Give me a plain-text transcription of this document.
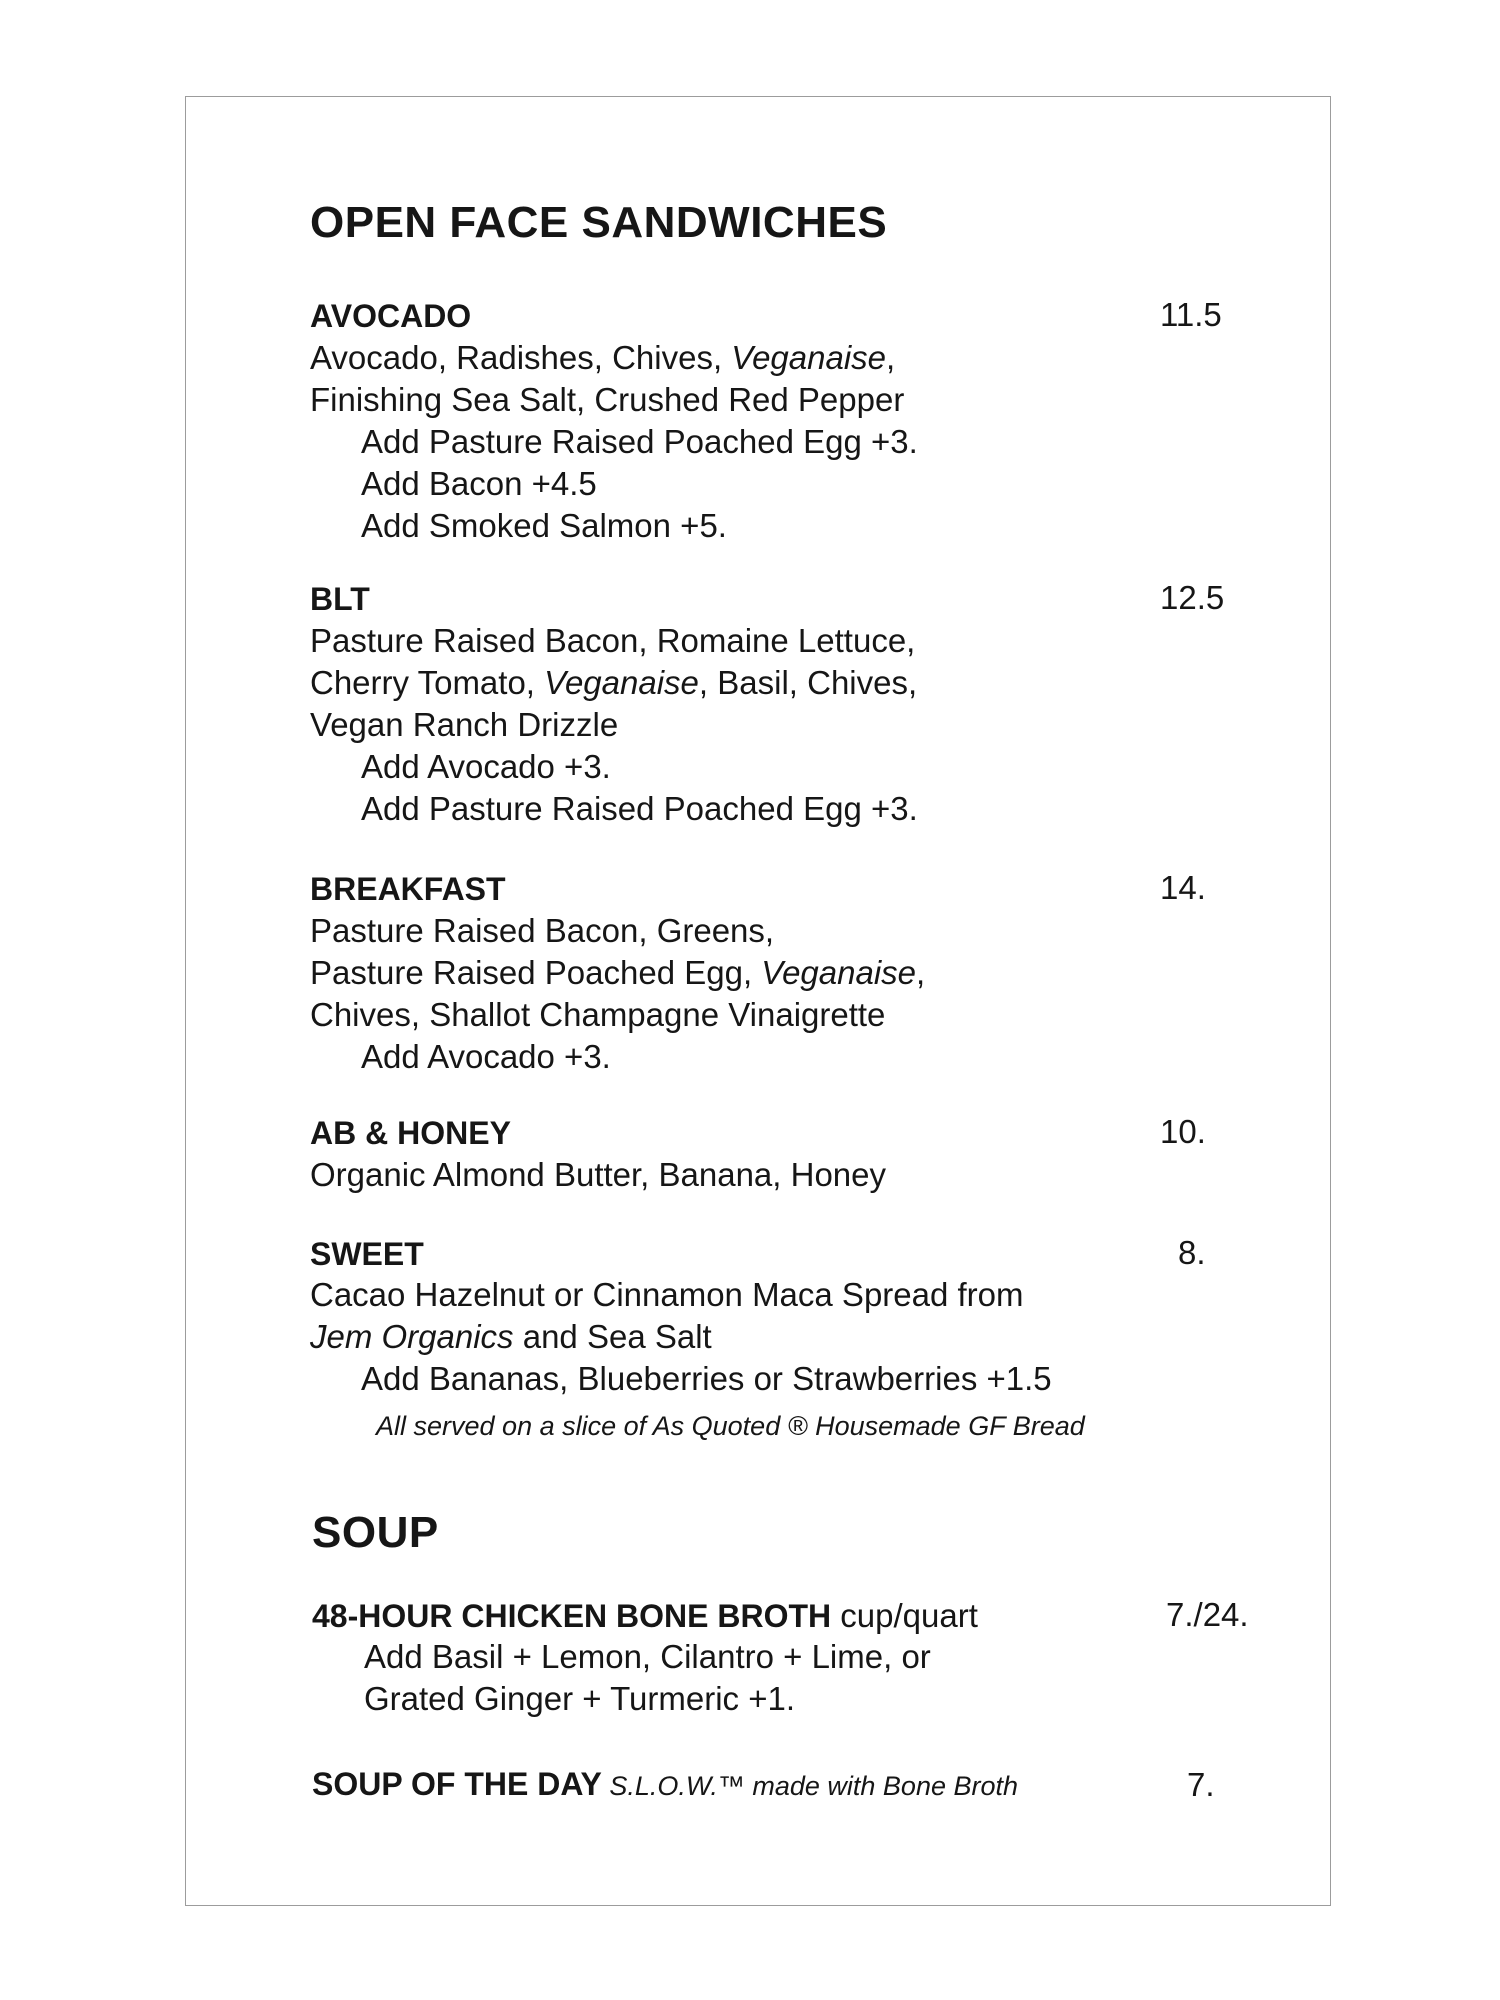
OPEN FACE SANDWICHES
AVOCADO	11.5
Avocado, Radishes, Chives, Veganaise,
Finishing Sea Salt, Crushed Red Pepper
Add Pasture Raised Poached Egg +3.
Add Bacon +4.5
Add Smoked Salmon +5.
BLT	12.5
Pasture Raised Bacon, Romaine Lettuce,
Cherry Tomato, Veganaise, Basil, Chives,
Vegan Ranch Drizzle
Add Avocado +3.
Add Pasture Raised Poached Egg +3.
BREAKFAST	14.
Pasture Raised Bacon, Greens,
Pasture Raised Poached Egg, Veganaise,
Chives, Shallot Champagne Vinaigrette
Add Avocado +3.
AB & HONEY	10.
Organic Almond Butter, Banana, Honey
SWEET	8.
Cacao Hazelnut or Cinnamon Maca Spread from
Jem Organics and Sea Salt
Add Bananas, Blueberries or Strawberries +1.5
All served on a slice of As Quoted ® Housemade GF Bread
SOUP
48-HOUR CHICKEN BONE BROTH cup/quart	7./24.
Add Basil + Lemon, Cilantro + Lime, or
Grated Ginger + Turmeric +1.
SOUP OF THE DAY S.L.O.W.™ made with Bone Broth	7.
